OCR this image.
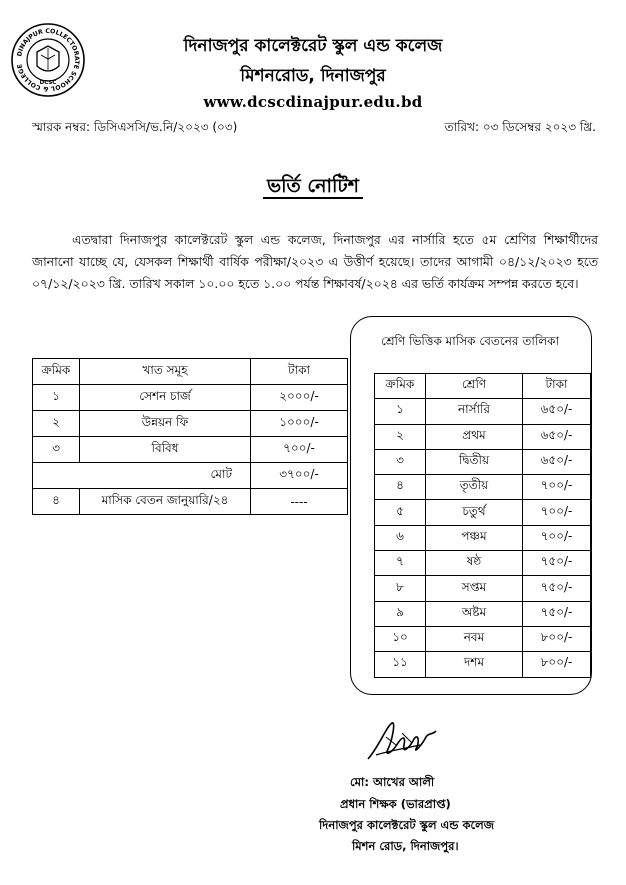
DINAJPUR COLLECTORATE SCHOOL & COLLEGE
DCSC
দিনাজপুর কালেক্টরেট স্কুল এন্ড কলেজ
মিশনরোড, দিনাজপুর
www.dcscdinajpur.edu.bd
স্মারক নম্বর: ডিসিএসসি/ভ.নি/২০২৩ (০৩)	তারিখ: ০৩ ডিসেম্বর ২০২৩ খ্রি.
ভর্তি নোটিশ

এতদ্বারা দিনাজপুর কালেক্টরেট স্কুল এন্ড কলেজ, দিনাজপুর এর নার্সারি হতে ৫ম শ্রেণির শিক্ষার্থীদের জানানো যাচ্ছে যে, যেসকল শিক্ষার্থী বার্ষিক পরীক্ষা/২০২৩ এ উত্তীর্ণ হয়েছে। তাদের আগামী ০৪/১২/২০২৩ হতে ০৭/১২/২০২৩ খ্রি. তারিখ সকাল ১০.০০ হতে ১.০০ পর্যন্ত শিক্ষাবর্ষ/২০২৪ এর ভর্তি কার্যক্রম সম্পন্ন করতে হবে।

ক্রমিক	খাত সমূহ	টাকা
১	সেশন চার্জ	২০০০/-
২	উন্নয়ন ফি	১০০০/-
৩	বিবিধ	৭০০/-
মোট		৩৭০০/-
৪	মাসিক বেতন জানুয়ারি/২৪	----
শ্রেণি ভিত্তিক মাসিক বেতনের তালিকা
ক্রমিক	শ্রেণি	টাকা
১	নার্সারি	৬৫০/-
২	প্রথম	৬৫০/-
৩	দ্বিতীয়	৬৫০/-
৪	তৃতীয়	৭০০/-
৫	চতুর্থ	৭০০/-
৬	পঞ্চম	৭০০/-
৭	ষষ্ঠ	৭৫০/-
৮	সপ্তম	৭৫০/-
৯	অষ্টম	৭৫০/-
১০	নবম	৮০০/-
১১	দশম	৮০০/-
মো: আখের আলী
প্রধান শিক্ষক (ভারপ্রাপ্ত)
দিনাজপুর কালেক্টরেট স্কুল এন্ড কলেজ
মিশন রোড, দিনাজপুর।
